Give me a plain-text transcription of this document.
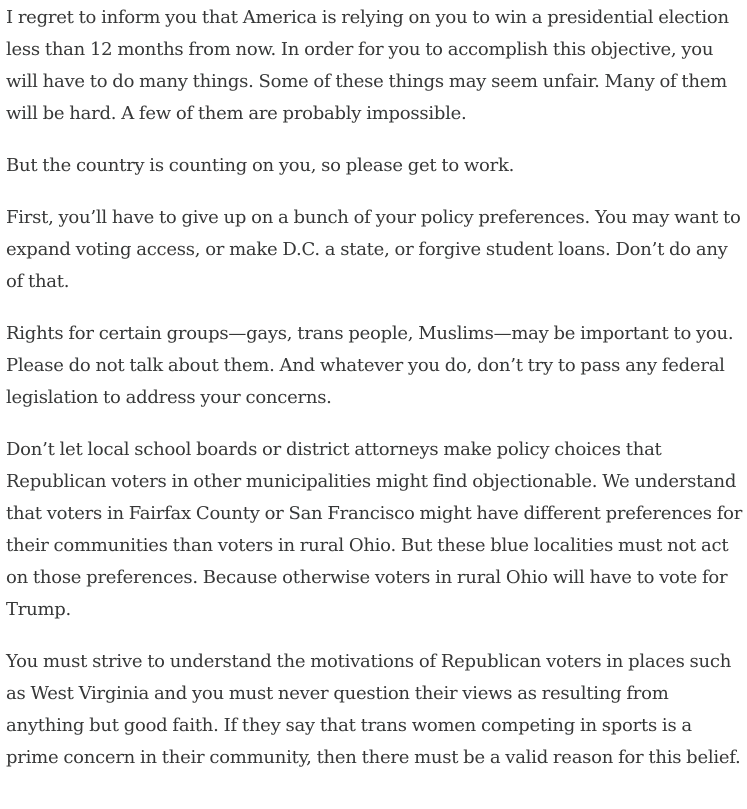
I regret to inform you that America is relying on you to win a presidential election less than 12 months from now. In order for you to accomplish this objective, you will have to do many things. Some of these things may seem unfair. Many of them will be hard. A few of them are probably impossible.

But the country is counting on you, so please get to work.

First, you’ll have to give up on a bunch of your policy preferences. You may want to expand voting access, or make D.C. a state, or forgive student loans. Don’t do any of that.

Rights for certain groups—gays, trans people, Muslims—may be important to you. Please do not talk about them. And whatever you do, don’t try to pass any federal legislation to address your concerns.

Don’t let local school boards or district attorneys make policy choices that Republican voters in other municipalities might find objectionable. We understand that voters in Fairfax County or San Francisco might have different preferences for their communities than voters in rural Ohio. But these blue localities must not act on those preferences. Because otherwise voters in rural Ohio will have to vote for Trump.

You must strive to understand the motivations of Republican voters in places such as West Virginia and you must never question their views as resulting from anything but good faith. If they say that trans women competing in sports is a prime concern in their community, then there must be a valid reason for this belief.
